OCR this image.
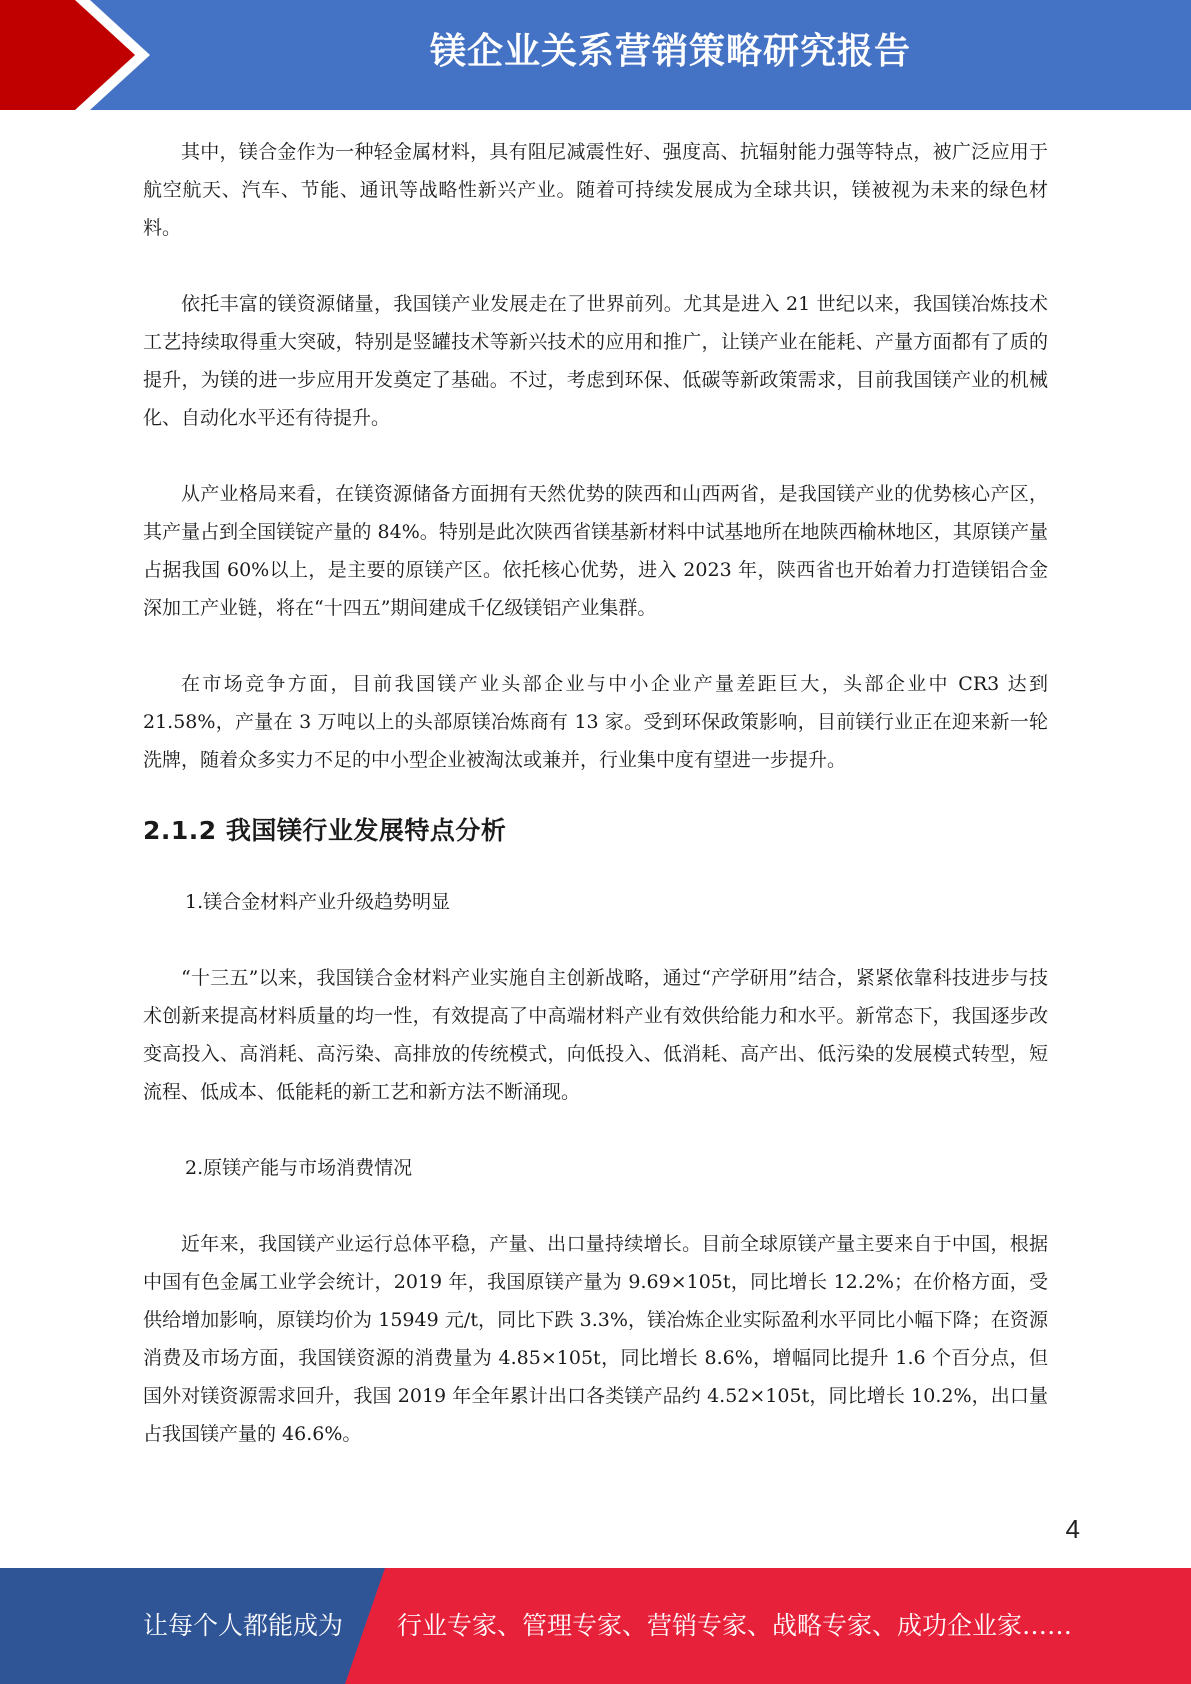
镁企业关系营销策略研究报告

其中，镁合金作为一种轻金属材料，具有阻尼减震性好、强度高、抗辐射能力强等特点，被广泛应用于航空航天、汽车、节能、通讯等战略性新兴产业。随着可持续发展成为全球共识，镁被视为未来的绿色材料。

依托丰富的镁资源储量，我国镁产业发展走在了世界前列。尤其是进入 21 世纪以来，我国镁冶炼技术工艺持续取得重大突破，特别是竖罐技术等新兴技术的应用和推广，让镁产业在能耗、产量方面都有了质的提升，为镁的进一步应用开发奠定了基础。不过，考虑到环保、低碳等新政策需求，目前我国镁产业的机械化、自动化水平还有待提升。

从产业格局来看，在镁资源储备方面拥有天然优势的陕西和山西两省，是我国镁产业的优势核心产区，其产量占到全国镁锭产量的 84%。特别是此次陕西省镁基新材料中试基地所在地陕西榆林地区，其原镁产量占据我国 60%以上，是主要的原镁产区。依托核心优势，进入 2023 年，陕西省也开始着力打造镁铝合金深加工产业链，将在“十四五”期间建成千亿级镁铝产业集群。

在市场竞争方面，目前我国镁产业头部企业与中小企业产量差距巨大，头部企业中 CR3 达到 21.58%，产量在 3 万吨以上的头部原镁冶炼商有 13 家。受到环保政策影响，目前镁行业正在迎来新一轮洗牌，随着众多实力不足的中小型企业被淘汰或兼并，行业集中度有望进一步提升。

2.1.2 我国镁行业发展特点分析

1.镁合金材料产业升级趋势明显

“十三五”以来，我国镁合金材料产业实施自主创新战略，通过“产学研用”结合，紧紧依靠科技进步与技术创新来提高材料质量的均一性，有效提高了中高端材料产业有效供给能力和水平。新常态下，我国逐步改变高投入、高消耗、高污染、高排放的传统模式，向低投入、低消耗、高产出、低污染的发展模式转型，短流程、低成本、低能耗的新工艺和新方法不断涌现。

2.原镁产能与市场消费情况

近年来，我国镁产业运行总体平稳，产量、出口量持续增长。目前全球原镁产量主要来自于中国，根据中国有色金属工业学会统计，2019 年，我国原镁产量为 9.69×105t，同比增长 12.2%；在价格方面，受供给增加影响，原镁均价为 15949 元/t，同比下跌 3.3%，镁冶炼企业实际盈利水平同比小幅下降；在资源消费及市场方面，我国镁资源的消费量为 4.85×105t，同比增长 8.6%，增幅同比提升 1.6 个百分点，但国外对镁资源需求回升，我国 2019 年全年累计出口各类镁产品约 4.52×105t，同比增长 10.2%，出口量占我国镁产量的 46.6%。

4
让每个人都能成为 行业专家、管理专家、营销专家、战略专家、成功企业家……
